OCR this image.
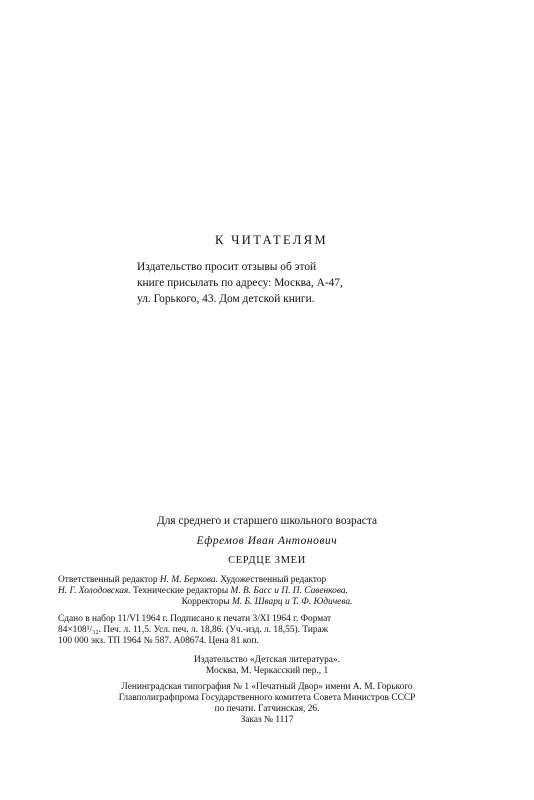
К ЧИТАТЕЛЯМ

Издательство просит отзывы об этой
книге присылать по адресу: Москва, А-47,
ул. Горького, 43. Дом детской книги.

Для среднего и старшего школьного возраста

Ефремов Иван Антонович

СЕРДЦЕ ЗМЕИ

Ответственный редактор Н. М. Беркова. Художественный редактор
Н. Г. Холодовская. Технические редакторы М. В. Басс и П. П. Савенкова.
Корректоры М. Б. Шварц и Т. Ф. Юдичева.

Сдано в набор 11/VI 1964 г. Подписано к печати 3/XI 1964 г. Формат
84×108¹/₃₂. Печ. л. 11,5. Усл. печ. л. 18,86. (Уч.-изд. л. 18,55). Тираж
100 000 экз. ТП 1964 № 587. А08674. Цена 81 коп.

Издательство «Детская литература».

Москва, М. Черкасский пер., 1

Ленинградская типография № 1 «Печатный Двор» имени А. М. Горького

Главполиграфпрома Государственного комитета Совета Министров СССР

по печати. Гатчинская, 26.

Заказ № 1117
